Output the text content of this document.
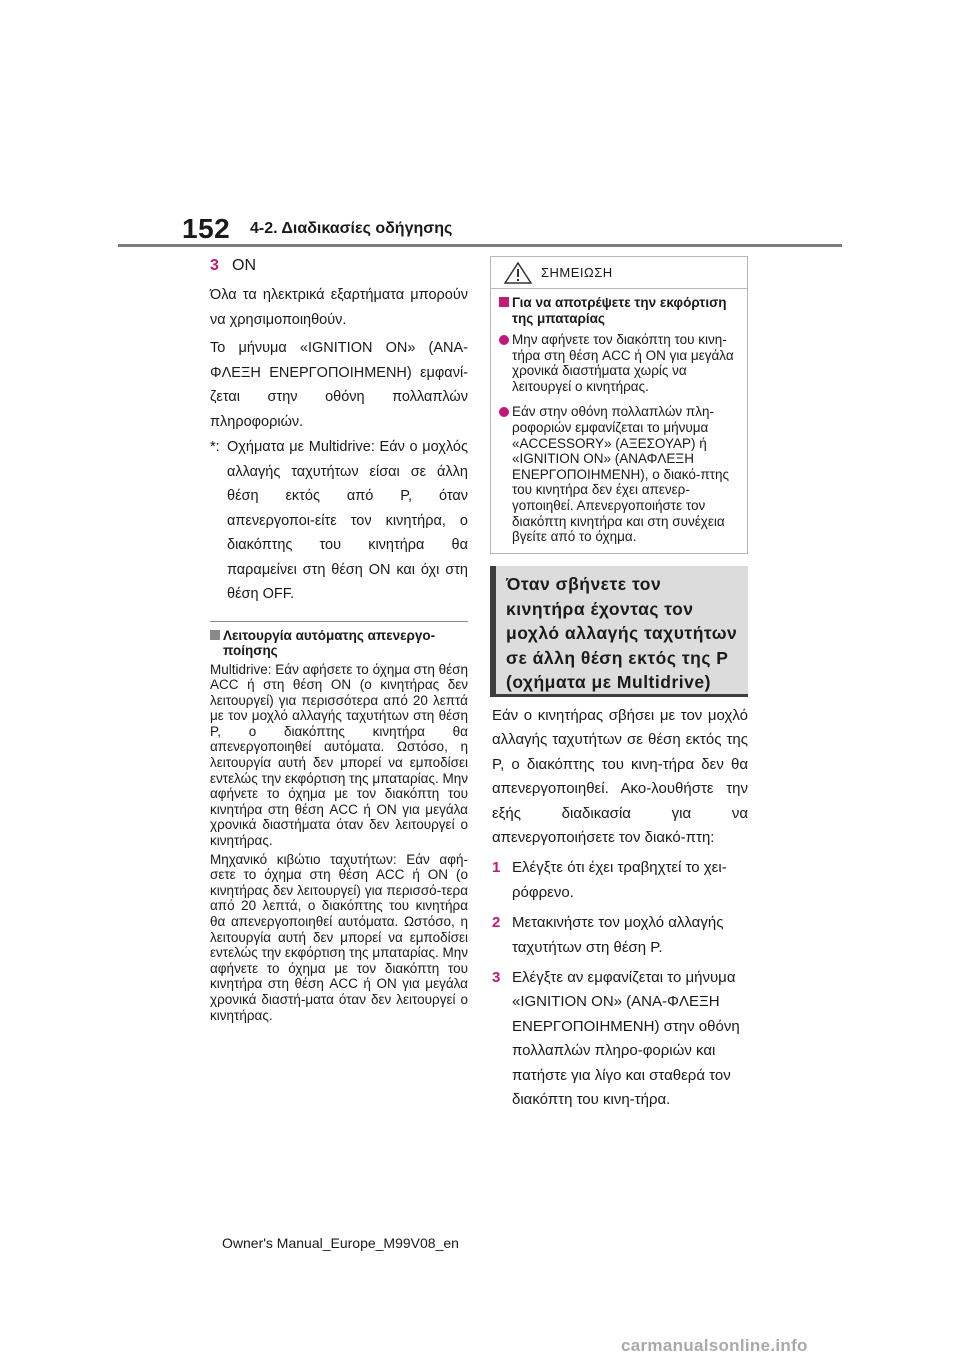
152 4-2. Διαδικασίες οδήγησης
3 ON

Όλα τα ηλεκτρικά εξαρτήματα μπορούν να χρησιμοποιηθούν.

Το μήνυμα «IGNITION ON» (ΑΝΑ-ΦΛΕΞΗ ΕΝΕΡΓΟΠΟΙΗΜΕΝΗ) εμφανί-ζεται στην οθόνη πολλαπλών πληροφοριών.

*: Οχήματα με Multidrive: Εάν ο μοχλός αλλαγής ταχυτήτων είσαι σε άλλη θέση εκτός από P, όταν απενεργοποι-είτε τον κινητήρα, ο διακόπτης του κινητήρα θα παραμείνει στη θέση ON και όχι στη θέση OFF.
Λειτουργία αυτόματης απενεργο-ποίησης

Multidrive: Εάν αφήσετε το όχημα στη θέση ACC ή στη θέση ON (ο κινητήρας δεν λειτουργεί) για περισσότερα από 20 λεπτά με τον μοχλό αλλαγής ταχυτήτων στη θέση P, ο διακόπτης κινητήρα θα απενεργοποιηθεί αυτόματα. Ωστόσο, η λειτουργία αυτή δεν μπορεί να εμποδίσει εντελώς την εκφόρτιση της μπαταρίας. Μην αφήνετε το όχημα με τον διακόπτη του κινητήρα στη θέση ACC ή ON για μεγάλα χρονικά διαστήματα όταν δεν λειτουργεί ο κινητήρας.

Μηχανικό κιβώτιο ταχυτήτων: Εάν αφή-σετε το όχημα στη θέση ACC ή ON (ο κινητήρας δεν λειτουργεί) για περισσό-τερα από 20 λεπτά, ο διακόπτης του κινητήρα θα απενεργοποιηθεί αυτόματα. Ωστόσο, η λειτουργία αυτή δεν μπορεί να εμποδίσει εντελώς την εκφόρτιση της μπαταρίας. Μην αφήνετε το όχημα με τον διακόπτη του κινητήρα στη θέση ACC ή ON για μεγάλα χρονικά διαστή-ματα όταν δεν λειτουργεί ο κινητήρας.

ΣΗΜΕΙΩΣΗ
Για να αποτρέψετε την εκφόρτιση της μπαταρίας
Μην αφήνετε τον διακόπτη του κινη-τήρα στη θέση ACC ή ON για μεγάλα χρονικά διαστήματα χωρίς να λειτουργεί ο κινητήρας.
Εάν στην οθόνη πολλαπλών πλη-ροφοριών εμφανίζεται το μήνυμα «ACCESSORY» (ΑΞΕΣΟΥΑΡ) ή «IGNITION ON» (ΑΝΑΦΛΕΞΗ ΕΝΕΡΓΟΠΟΙΗΜΕΝΗ), ο διακό-πτης του κινητήρα δεν έχει απενερ-γοποιηθεί. Απενεργοποιήστε τον διακόπτη κινητήρα και στη συνέχεια βγείτε από το όχημα.
Όταν σβήνετε τον κινητήρα έχοντας τον μοχλό αλλαγής ταχυτήτων σε άλλη θέση εκτός της P (οχήματα με Multidrive)

Εάν ο κινητήρας σβήσει με τον μοχλό αλλαγής ταχυτήτων σε θέση εκτός της P, ο διακόπτης του κινη-τήρα δεν θα απενεργοποιηθεί. Ακο-λουθήστε την εξής διαδικασία για να απενεργοποιήσετε τον διακό-πτη:

1 Ελέγξτε ότι έχει τραβηχτεί το χει-ρόφρενο.
2 Μετακινήστε τον μοχλό αλλαγής ταχυτήτων στη θέση P.
3 Ελέγξτε αν εμφανίζεται το μήνυμα «IGNITION ON» (ΑΝΑ-ΦΛΕΞΗ ΕΝΕΡΓΟΠΟΙΗΜΕΝΗ) στην οθόνη πολλαπλών πληρο-φοριών και πατήστε για λίγο και σταθερά τον διακόπτη του κινη-τήρα.
Owner's Manual_Europe_M99V08_en
carmanualsonline.info
